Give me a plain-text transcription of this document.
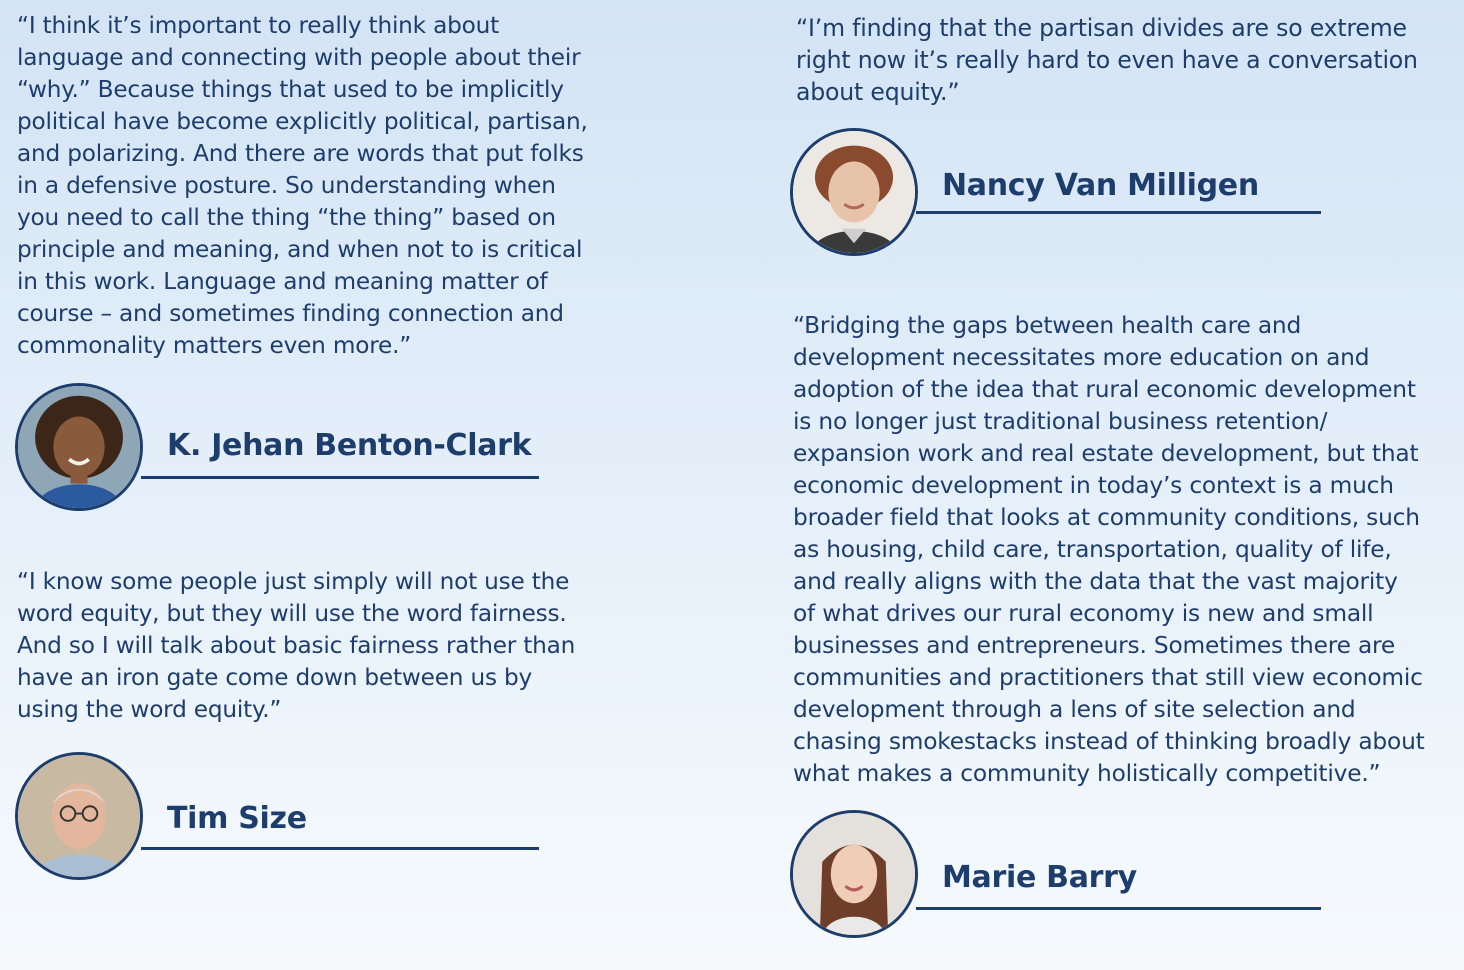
“I think it’s important to really think about
language and connecting with people about their
“why.” Because things that used to be implicitly
political have become explicitly political, partisan,
and polarizing. And there are words that put folks
in a defensive posture. So understanding when
you need to call the thing “the thing” based on
principle and meaning, and when not to is critical
in this work. Language and meaning matter of
course – and sometimes finding connection and
commonality matters even more.”

K. Jehan Benton-Clark

“I know some people just simply will not use the
word equity, but they will use the word fairness.
And so I will talk about basic fairness rather than
have an iron gate come down between us by
using the word equity.”

Tim Size

“I’m finding that the partisan divides are so extreme
right now it’s really hard to even have a conversation
about equity.”

Nancy Van Milligen

“Bridging the gaps between health care and
development necessitates more education on and
adoption of the idea that rural economic development
is no longer just traditional business retention/
expansion work and real estate development, but that
economic development in today’s context is a much
broader field that looks at community conditions, such
as housing, child care, transportation, quality of life,
and really aligns with the data that the vast majority
of what drives our rural economy is new and small
businesses and entrepreneurs. Sometimes there are
communities and practitioners that still view economic
development through a lens of site selection and
chasing smokestacks instead of thinking broadly about
what makes a community holistically competitive.”

Marie Barry
